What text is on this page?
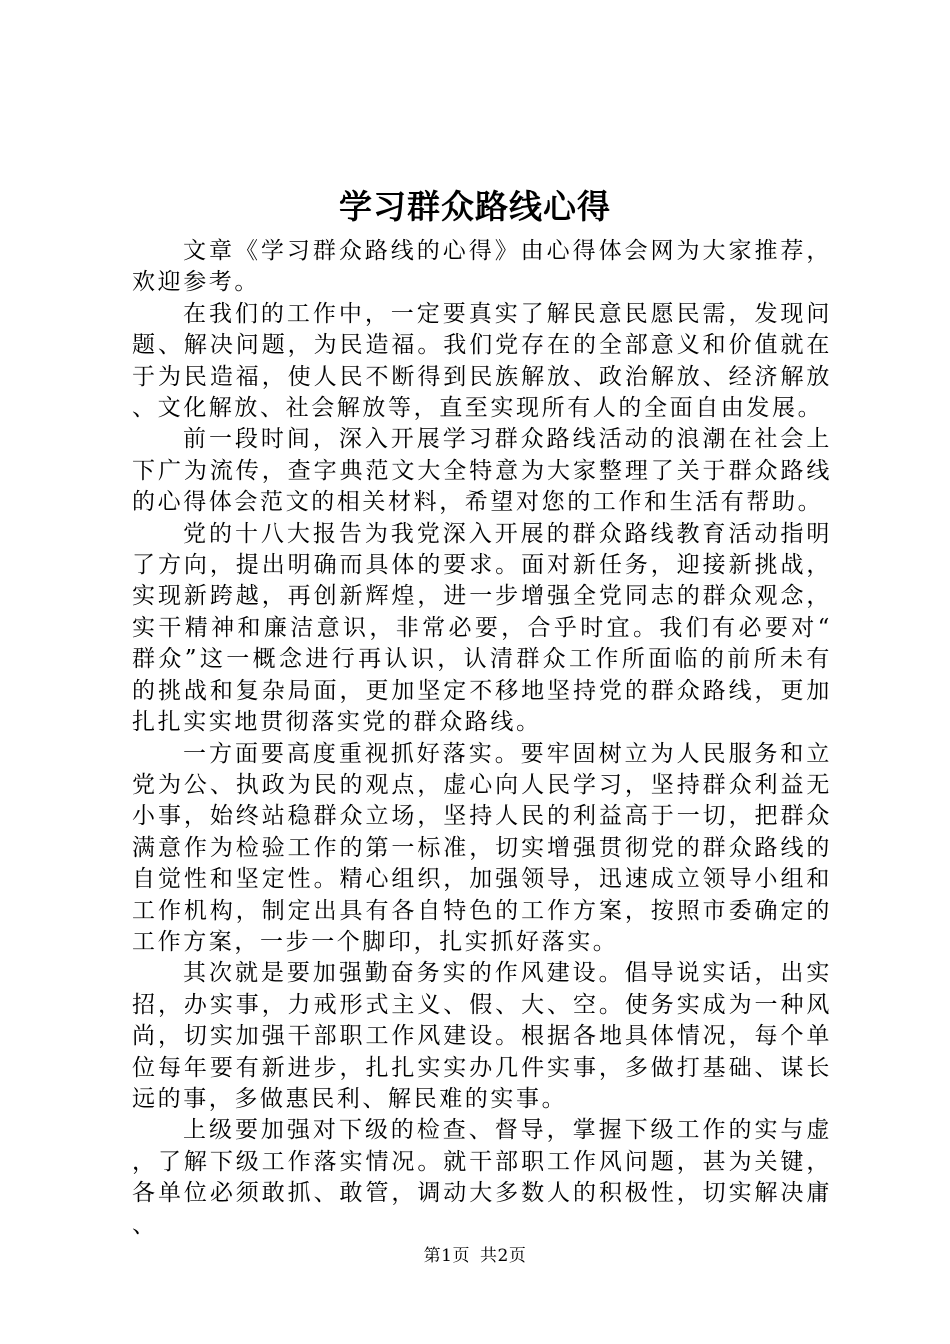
学习群众路线心得

文章《学习群众路线的心得》由心得体会网为大家推荐，欢迎参考。

在我们的工作中，一定要真实了解民意民愿民需，发现问题、解决问题，为民造福。我们党存在的全部意义和价值就在于为民造福，使人民不断得到民族解放、政治解放、经济解放、文化解放、社会解放等，直至实现所有人的全面自由发展。

前一段时间，深入开展学习群众路线活动的浪潮在社会上下广为流传，查字典范文大全特意为大家整理了关于群众路线的心得体会范文的相关材料，希望对您的工作和生活有帮助。

党的十八大报告为我党深入开展的群众路线教育活动指明了方向，提出明确而具体的要求。面对新任务，迎接新挑战，实现新跨越，再创新辉煌，进一步增强全党同志的群众观念，实干精神和廉洁意识，非常必要，合乎时宜。我们有必要对“群众”这一概念进行再认识，认清群众工作所面临的前所未有的挑战和复杂局面，更加坚定不移地坚持党的群众路线，更加扎扎实实地贯彻落实党的群众路线。

一方面要高度重视抓好落实。要牢固树立为人民服务和立党为公、执政为民的观点，虚心向人民学习，坚持群众利益无小事，始终站稳群众立场，坚持人民的利益高于一切，把群众满意作为检验工作的第一标准，切实增强贯彻党的群众路线的自觉性和坚定性。精心组织，加强领导，迅速成立领导小组和工作机构，制定出具有各自特色的工作方案，按照市委确定的工作方案，一步一个脚印，扎实抓好落实。

其次就是要加强勤奋务实的作风建设。倡导说实话，出实招，办实事，力戒形式主义、假、大、空。使务实成为一种风尚，切实加强干部职工作风建设。根据各地具体情况，每个单位每年要有新进步，扎扎实实办几件实事，多做打基础、谋长远的事，多做惠民利、解民难的实事。

上级要加强对下级的检查、督导，掌握下级工作的实与虚，了解下级工作落实情况。就干部职工作风问题，甚为关键，各单位必须敢抓、敢管，调动大多数人的积极性，切实解决庸、

第1页 共2页
